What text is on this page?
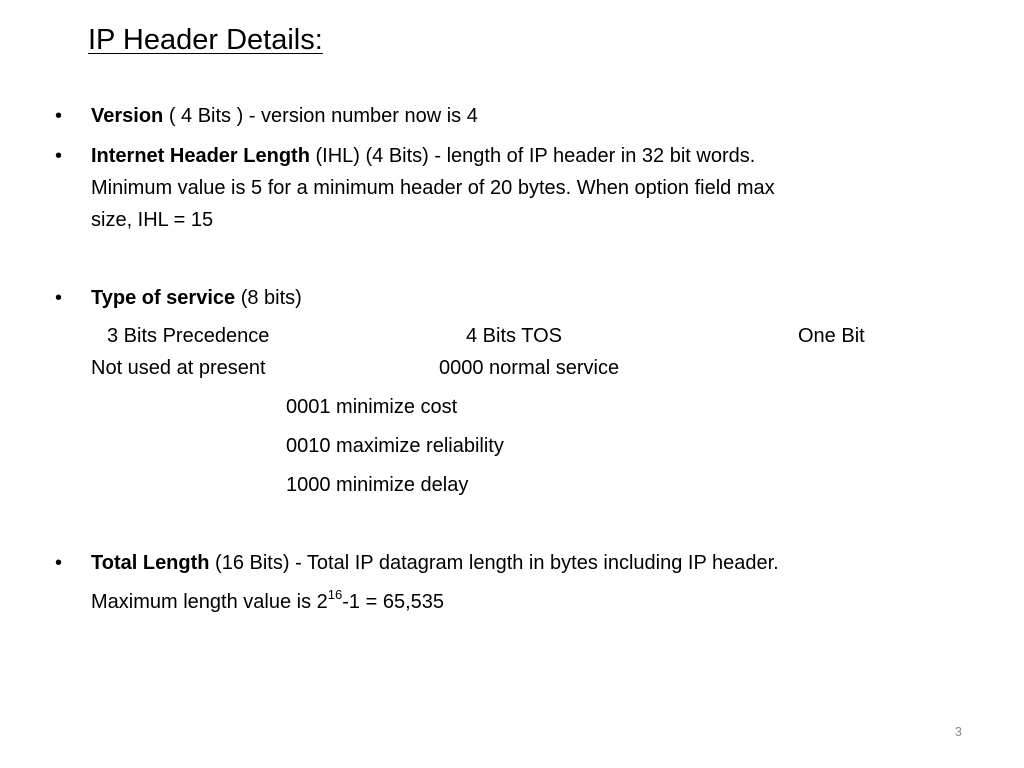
IP Header Details:
• Version ( 4 Bits ) - version number now is 4
• Internet Header Length (IHL) (4 Bits) - length of IP header in 32 bit words.
Minimum value is 5 for a minimum header of 20 bytes. When option field max
size, IHL = 15
• Type of service (8 bits)
3 Bits Precedence	4 Bits TOS	One Bit
Not used at present	0000 normal service
0001 minimize cost
0010 maximize reliability
1000 minimize delay
• Total Length (16 Bits) - Total IP datagram length in bytes including IP header.
Maximum length value is $2^{16}-1 = 65,535$
3
